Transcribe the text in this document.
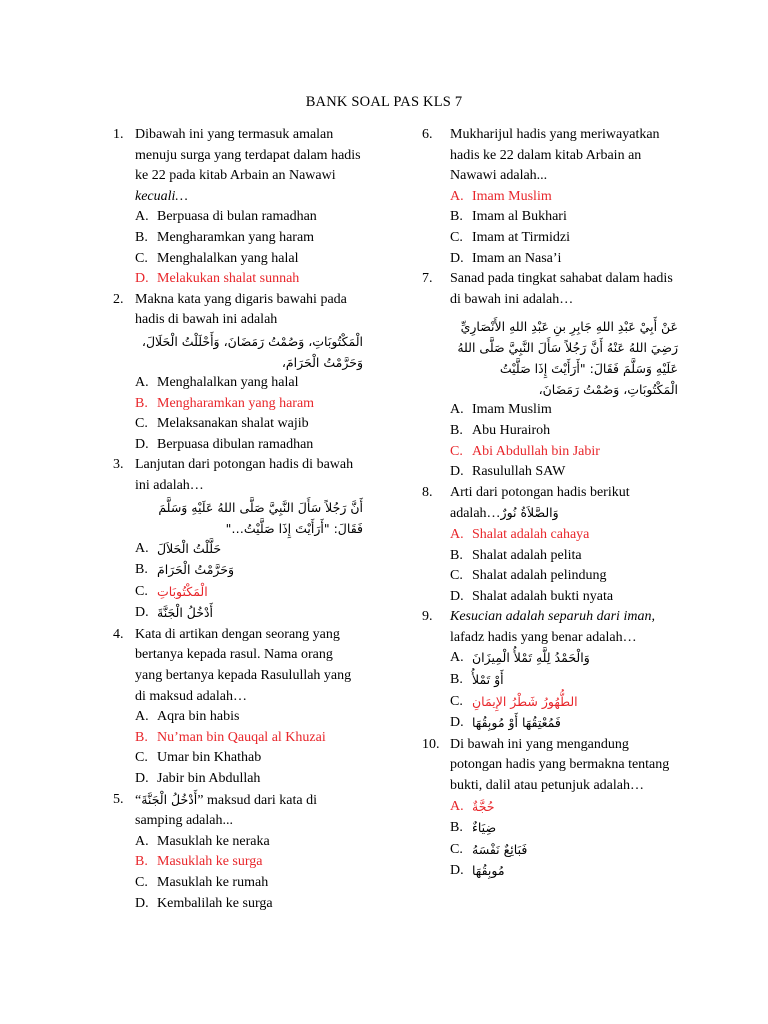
BANK SOAL PAS KLS 7
1. Dibawah ini yang termasuk amalan menuju surga yang terdapat dalam hadis ke 22 pada kitab Arbain an Nawawi kecuali…
A. Berpuasa di bulan ramadhan
B. Mengharamkan yang haram
C. Menghalalkan yang halal
D. Melakukan shalat sunnah
2. Makna kata yang digaris bawahi pada hadis di bawah ini adalah
الْمَكْتُوبَاتِ، وَصُمْتُ رَمَضَانَ، وَأَحْلَلْتُ الْحَلَالَ، وَحَرَّمْتُ الْحَرَامَ،
A. Menghalalkan yang halal
B. Mengharamkan yang haram
C. Melaksanakan shalat wajib
D. Berpuasa dibulan ramadhan
3. Lanjutan dari potongan hadis di bawah ini adalah…
أَنَّ رَجُلاً سَأَلَ النَّبِيَّ صَلَّى اللهُ عَلَيْهِ وَسَلَّمَ فَقَالَ: "أَرَأَيْتَ إِذَا صَلَّيْتُ…"
A. حَلَّلْتُ الْحَلاَلَ
B. وَحَرَّمْتُ الْحَرَامَ
C. الْمَكْتُوبَاتِ
D. أَدْخُلُ الْجَنَّةَ
4. Kata di artikan dengan seorang yang bertanya kepada rasul. Nama orang yang bertanya kepada Rasulullah yang di maksud adalah…
A. Aqra bin habis
B. Nu’man bin Qauqal al Khuzai
C. Umar bin Khathab
D. Jabir bin Abdullah
5. “أَدْخُلُ الْجَنَّةَ” maksud dari kata di samping adalah...
A. Masuklah ke neraka
B. Masuklah ke surga
C. Masuklah ke rumah
D. Kembalilah ke surga
6. Mukharijul hadis yang meriwayatkan hadis ke 22 dalam kitab Arbain an Nawawi adalah...
A. Imam Muslim
B. Imam al Bukhari
C. Imam at Tirmidzi
D. Imam an Nasa’i
7. Sanad pada tingkat sahabat dalam hadis di bawah ini adalah…
عَنْ أَبِيْ عَبْدِ اللهِ جَابِرِ بنِ عَبْدِ اللهِ الأَنْصَارِيِّ رَضِيَ اللهُ عَنْهُ أَنَّ رَجُلاً سَأَلَ النَّبِيَّ صَلَّى اللهُ عَلَيْهِ وَسَلَّمَ فَقَالَ: "أَرَأَيْتَ إِذَا صَلَّيْتُ الْمَكْتُوبَاتِ، وَصُمْتُ رَمَضَانَ،
A. Imam Muslim
B. Abu Hurairoh
C. Abi Abdullah bin Jabir
D. Rasulullah SAW
8. Arti dari potongan hadis berikut adalah…وَالصَّلاَةُ نُورٌ
A. Shalat adalah cahaya
B. Shalat adalah pelita
C. Shalat adalah pelindung
D. Shalat adalah bukti nyata
9. Kesucian adalah separuh dari iman, lafadz hadis yang benar adalah…
A. وَالْحَمْدُ لِلَّهِ تَمْلأُ الْمِيزَانَ
B. أَوْ تَمْلأُ
C. الطُّهُورُ شَطْرُ الإِيمَانِ
D. فَمُعْتِقُهَا أَوْ مُوبِقُهَا
10. Di bawah ini yang mengandung potongan hadis yang bermakna tentang bukti, dalil atau petunjuk adalah…
A. حُجَّةٌ
B. ضِيَاءٌ
C. فَبَائِعٌ نَفْسَهُ
D. مُوبِقُهَا
